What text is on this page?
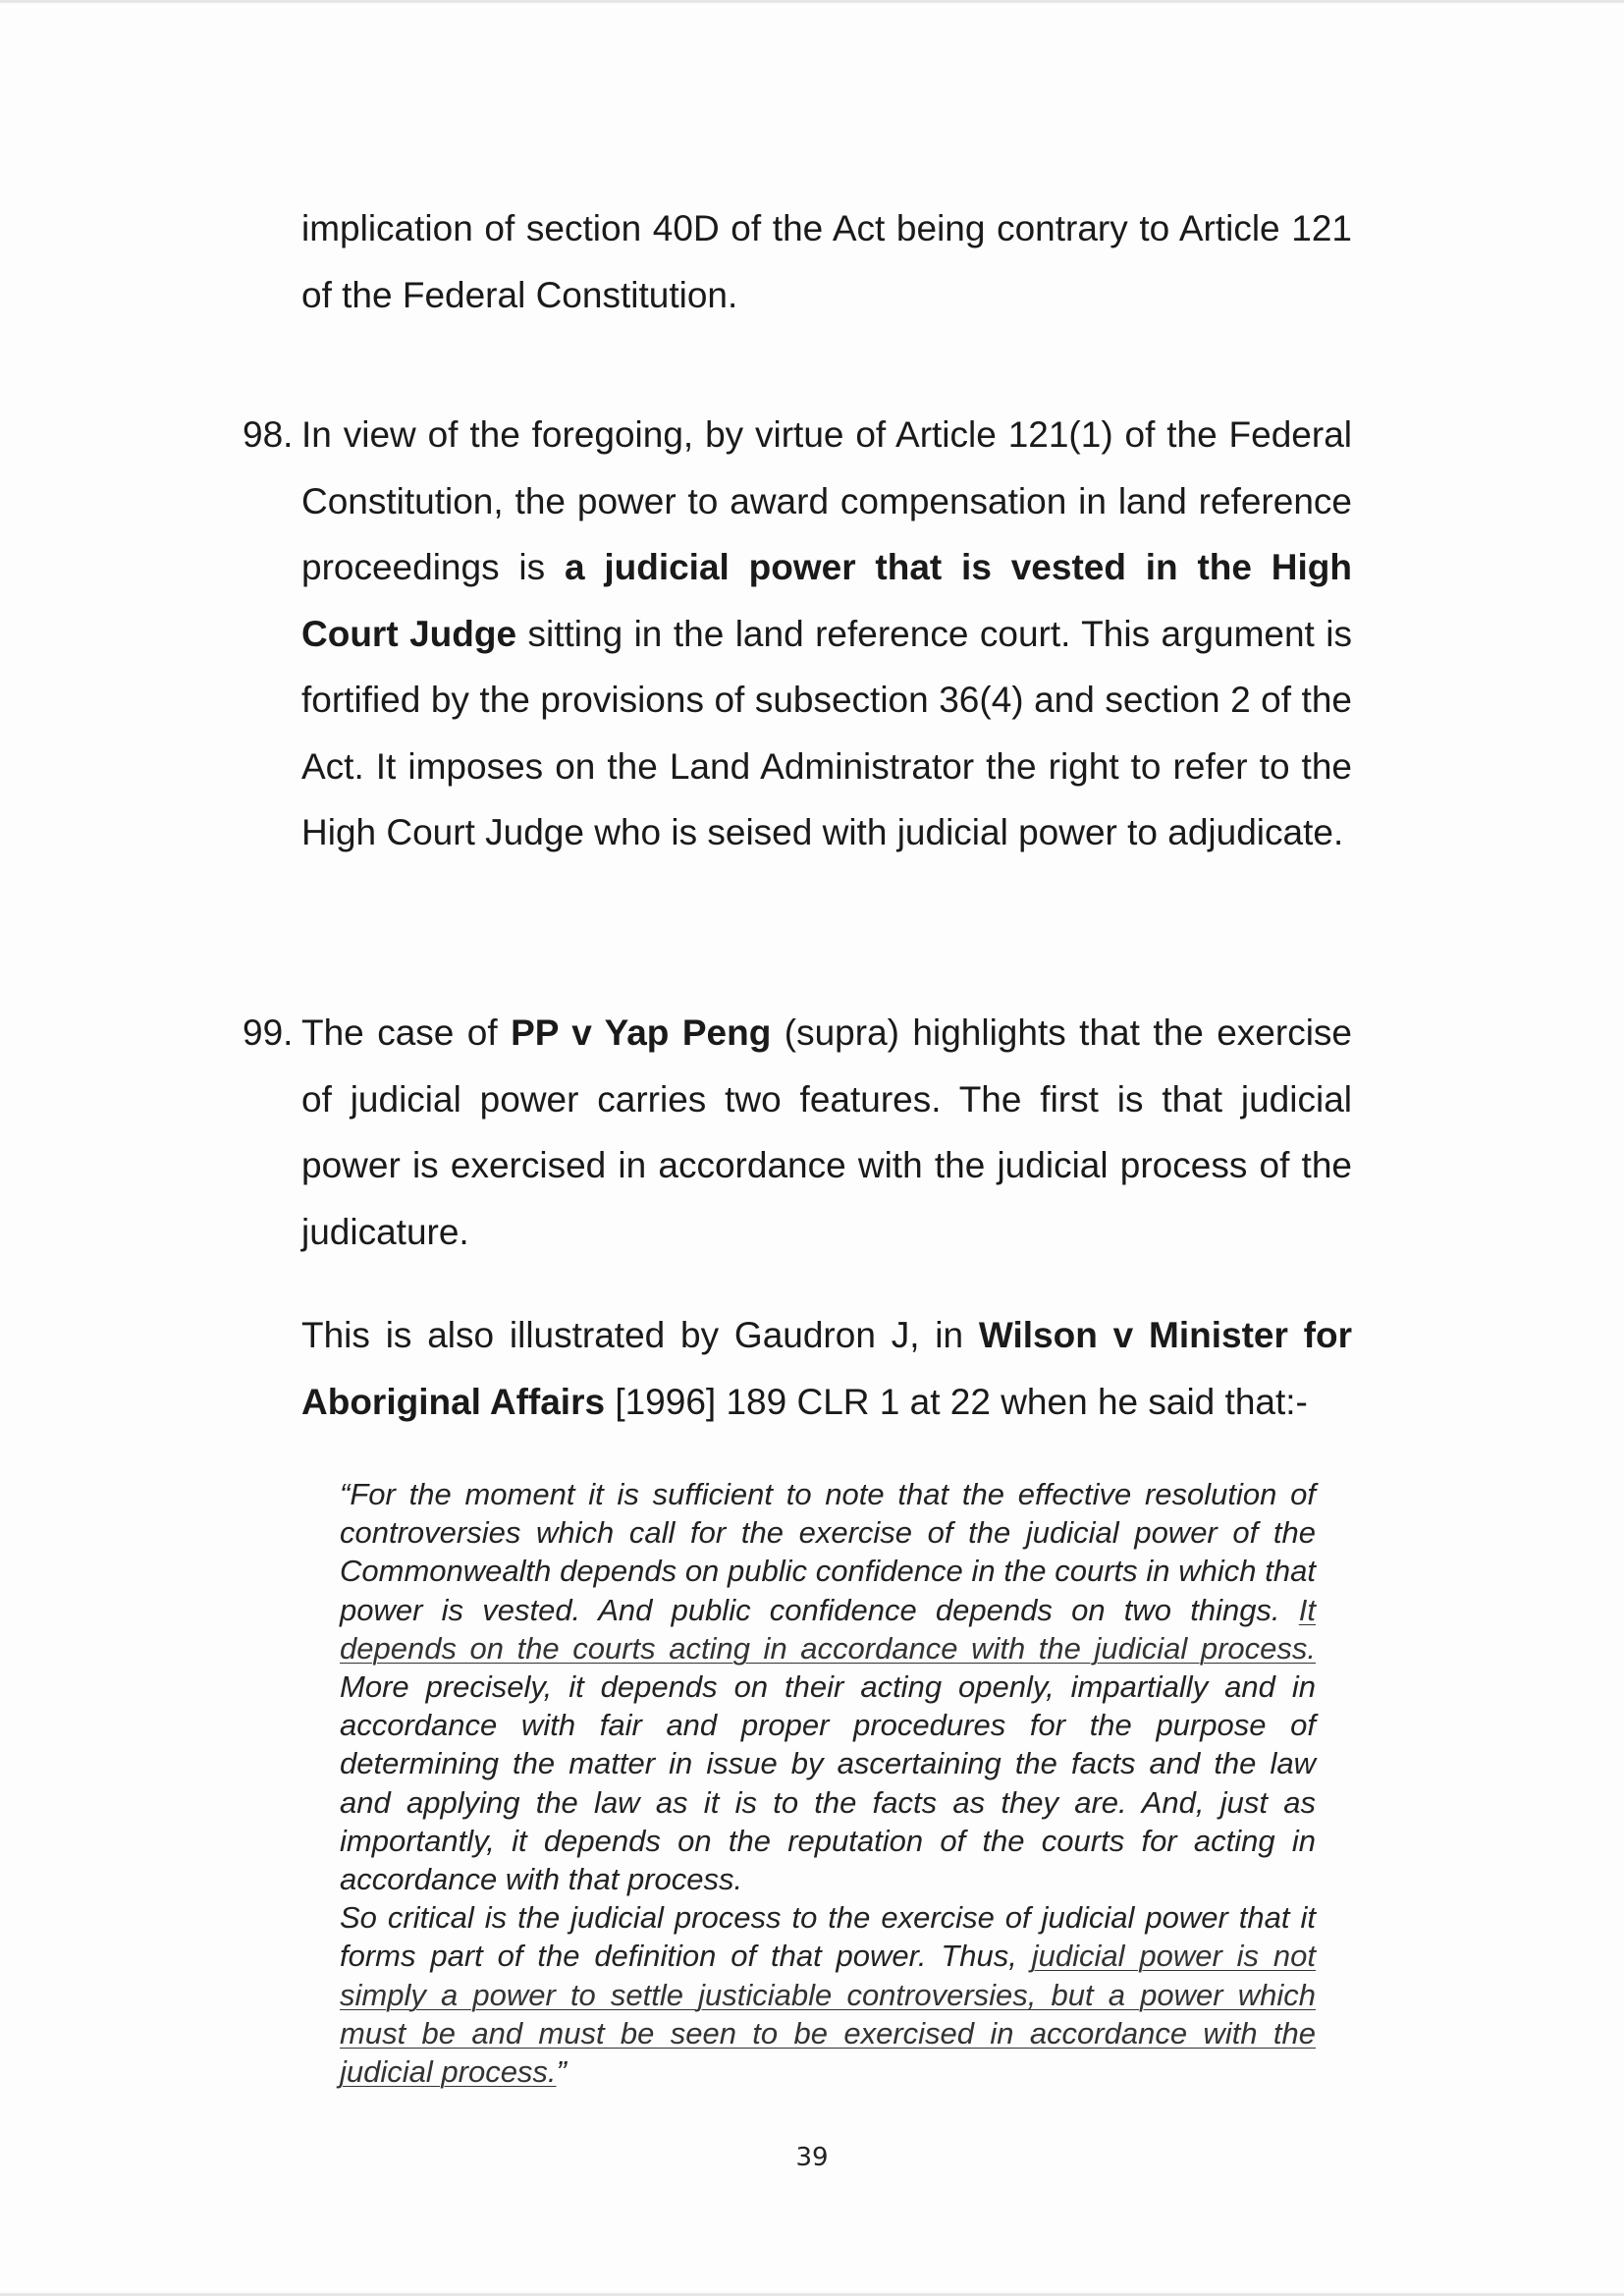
implication of section 40D of the Act being contrary to Article 121 of the Federal Constitution.
98. In view of the foregoing, by virtue of Article 121(1) of the Federal Constitution, the power to award compensation in land reference proceedings is a judicial power that is vested in the High Court Judge sitting in the land reference court. This argument is fortified by the provisions of subsection 36(4) and section 2 of the Act. It imposes on the Land Administrator the right to refer to the High Court Judge who is seised with judicial power to adjudicate.
99. The case of PP v Yap Peng (supra) highlights that the exercise of judicial power carries two features. The first is that judicial power is exercised in accordance with the judicial process of the judicature.
This is also illustrated by Gaudron J, in Wilson v Minister for Aboriginal Affairs [1996] 189 CLR 1 at 22 when he said that:-

“For the moment it is sufficient to note that the effective resolution of controversies which call for the exercise of the judicial power of the Commonwealth depends on public confidence in the courts in which that power is vested. And public confidence depends on two things. It depends on the courts acting in accordance with the judicial process. More precisely, it depends on their acting openly, impartially and in accordance with fair and proper procedures for the purpose of determining the matter in issue by ascertaining the facts and the law and applying the law as it is to the facts as they are. And, just as importantly, it depends on the reputation of the courts for acting in accordance with that process.

So critical is the judicial process to the exercise of judicial power that it forms part of the definition of that power. Thus, judicial power is not simply a power to settle justiciable controversies, but a power which must be and must be seen to be exercised in accordance with the judicial process.”

39
